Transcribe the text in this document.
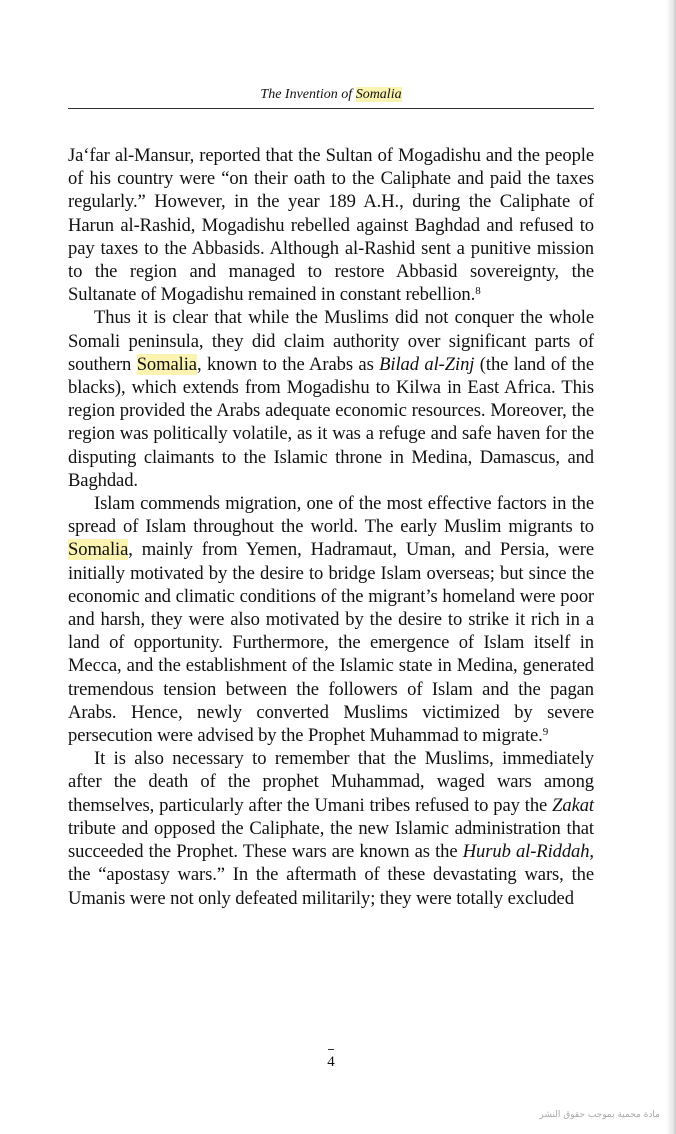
The Invention of Somalia

Ja‘far al-Mansur, reported that the Sultan of Mogadishu and the people of his country were “on their oath to the Caliphate and paid the taxes regularly.” However, in the year 189 A.H., during the Caliphate of Harun al-Rashid, Mogadishu rebelled against Baghdad and refused to pay taxes to the Abbasids. Although al-Rashid sent a punitive mission to the region and managed to restore Abbasid sovereignty, the Sultanate of Mogadishu remained in constant rebellion.$^8$

Thus it is clear that while the Muslims did not conquer the whole Somali peninsula, they did claim authority over significant parts of southern Somalia, known to the Arabs as Bilad al-Zinj (the land of the blacks), which extends from Mogadishu to Kilwa in East Africa. This region provided the Arabs adequate economic resources. Moreover, the region was politically volatile, as it was a refuge and safe haven for the disputing claimants to the Islamic throne in Medina, Damascus, and Baghdad.

Islam commends migration, one of the most effective factors in the spread of Islam throughout the world. The early Muslim migrants to Somalia, mainly from Yemen, Hadramaut, Uman, and Persia, were initially motivated by the desire to bridge Islam overseas; but since the economic and climatic conditions of the migrant’s homeland were poor and harsh, they were also motivated by the desire to strike it rich in a land of opportunity. Furthermore, the emergence of Islam itself in Mecca, and the establishment of the Islamic state in Medina, generated tremendous tension between the followers of Islam and the pagan Arabs. Hence, newly converted Muslims victimized by severe persecution were advised by the Prophet Muhammad to migrate.$^9$

It is also necessary to remember that the Muslims, immediately after the death of the prophet Muhammad, waged wars among themselves, particularly after the Umani tribes refused to pay the Zakat tribute and opposed the Caliphate, the new Islamic administration that succeeded the Prophet. These wars are known as the Hurub al-Riddah, the “apostasy wars.” In the aftermath of these devastating wars, the Umanis were not only defeated militarily; they were totally excluded

4
مادة محمية بموجب حقوق النشر
